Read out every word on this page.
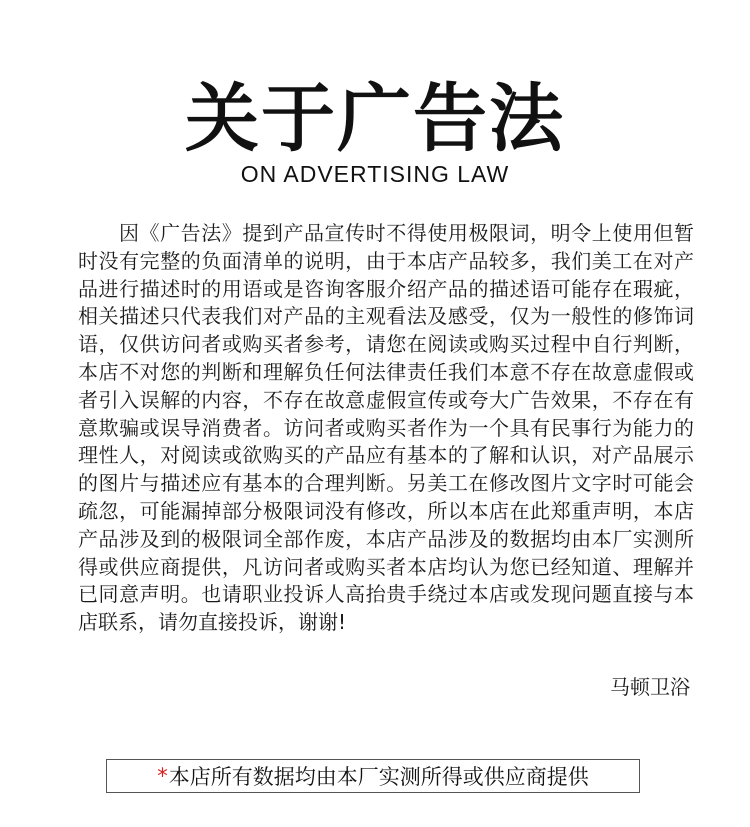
关于广告法

ON ADVERTISING LAW

因《广告法》提到产品宣传时不得使用极限词，明令上使用但暂时没有完整的负面清单的说明，由于本店产品较多，我们美工在对产品进行描述时的用语或是咨询客服介绍产品的描述语可能存在瑕疵，相关描述只代表我们对产品的主观看法及感受，仅为一般性的修饰词语，仅供访问者或购买者参考，请您在阅读或购买过程中自行判断，本店不对您的判断和理解负任何法律责任我们本意不存在故意虚假或者引入误解的内容，不存在故意虚假宣传或夸大广告效果，不存在有意欺骗或误导消费者。访问者或购买者作为一个具有民事行为能力的理性人，对阅读或欲购买的产品应有基本的了解和认识，对产品展示的图片与描述应有基本的合理判断。另美工在修改图片文字时可能会疏忽，可能漏掉部分极限词没有修改，所以本店在此郑重声明，本店产品涉及到的极限词全部作废，本店产品涉及的数据均由本厂实测所得或供应商提供，凡访问者或购买者本店均认为您已经知道、理解并已同意声明。也请职业投诉人高抬贵手绕过本店或发现问题直接与本店联系，请勿直接投诉，谢谢!

马顿卫浴

* 本店所有数据均由本厂实测所得或供应商提供
